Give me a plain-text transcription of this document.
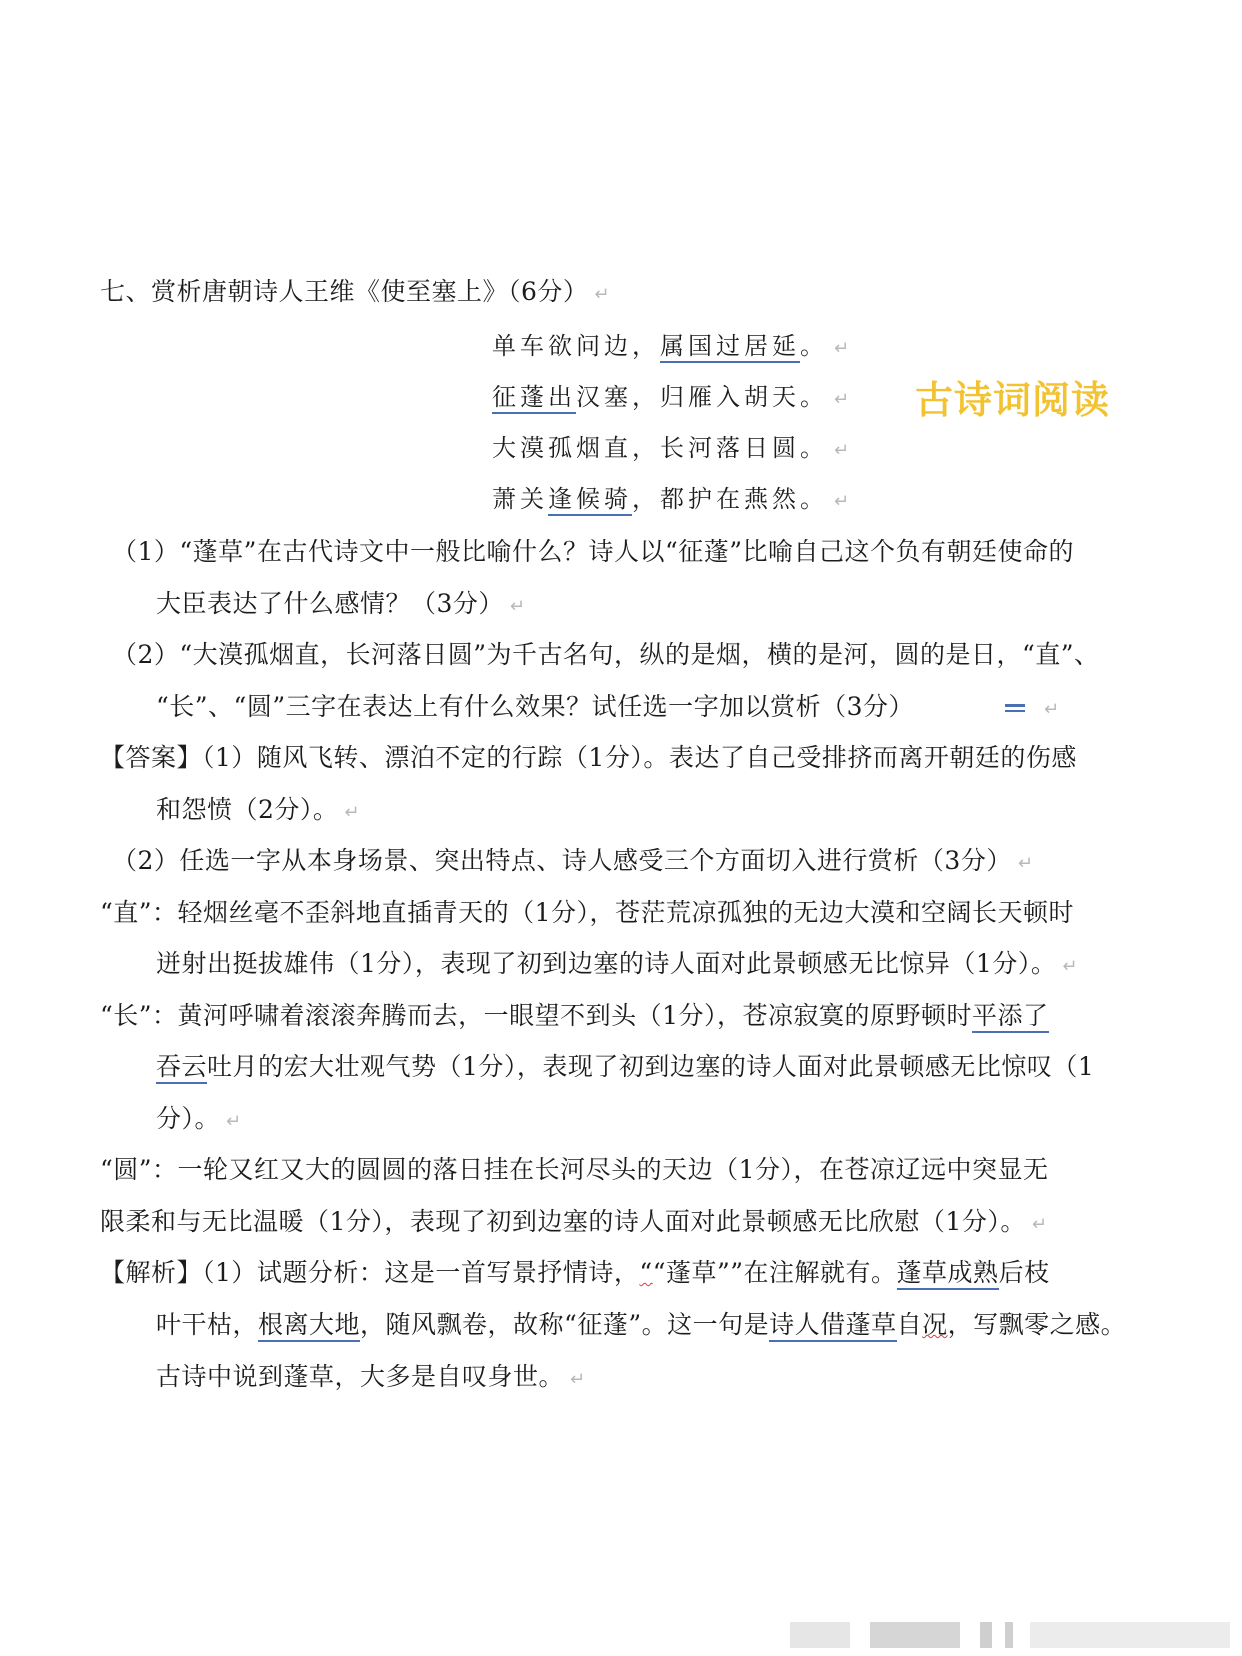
七、赏析唐朝诗人王维《使至塞上》（6分） ↵
单车欲问边，属国过居延。 ↵
征蓬出汉塞，归雁入胡天。 ↵
大漠孤烟直，长河落日圆。 ↵
萧关逢候骑，都护在燕然。 ↵
古诗词阅读
（1）“蓬草”在古代诗文中一般比喻什么？诗人以“征蓬”比喻自己这个负有朝廷使命的
大臣表达了什么感情？（3分） ↵
（2）“大漠孤烟直，长河落日圆”为千古名句，纵的是烟，横的是河，圆的是日，“直”、
“长”、“圆”三字在表达上有什么效果？试任选一字加以赏析（3分）	↵
【答案】（1）随风飞转、漂泊不定的行踪（1分）。表达了自己受排挤而离开朝廷的伤感
和怨愤（2分）。 ↵
（2）任选一字从本身场景、突出特点、诗人感受三个方面切入进行赏析（3分） ↵
“直”：轻烟丝毫不歪斜地直插青天的（1分），苍茫荒凉孤独的无边大漠和空阔长天顿时
迸射出挺拔雄伟（1分），表现了初到边塞的诗人面对此景顿感无比惊异（1分）。 ↵
“长”：黄河呼啸着滚滚奔腾而去，一眼望不到头（1分），苍凉寂寞的原野顿时平添了
吞云吐月的宏大壮观气势（1分），表现了初到边塞的诗人面对此景顿感无比惊叹（1
分）。 ↵
“圆”：一轮又红又大的圆圆的落日挂在长河尽头的天边（1分），在苍凉辽远中突显无
限柔和与无比温暖（1分），表现了初到边塞的诗人面对此景顿感无比欣慰（1分）。 ↵
【解析】（1）试题分析：这是一首写景抒情诗，““蓬草””在注解就有。蓬草成熟后枝
叶干枯，根离大地，随风飘卷，故称“征蓬”。这一句是诗人借蓬草自况，写飘零之感。
古诗中说到蓬草，大多是自叹身世。 ↵
